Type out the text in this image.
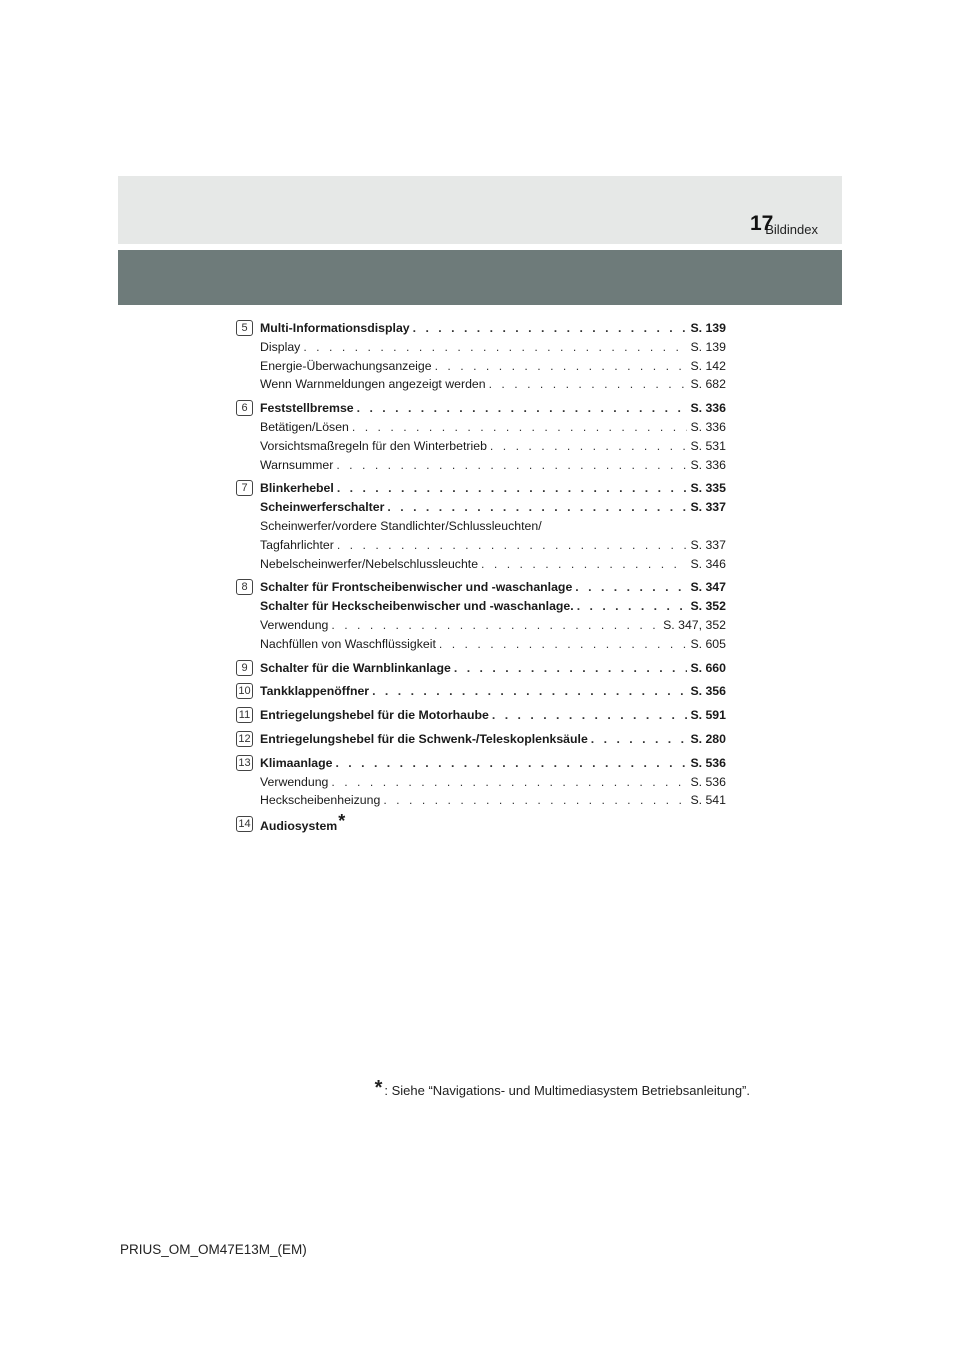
Bildindex
17
5	Multi-Informationsdisplay . . .	S. 139
Display . . .	S. 139
Energie-Überwachungsanzeige . . .	S. 142
Wenn Warnmeldungen angezeigt werden . . .	S. 682
6	Feststellbremse . . .	S. 336
Betätigen/Lösen . . .	S. 336
Vorsichtsmaßregeln für den Winterbetrieb . . .	S. 531
Warnsummer . . .	S. 336
7	Blinkerhebel . . .	S. 335
Scheinwerferschalter . . .	S. 337
Scheinwerfer/vordere Standlichter/Schlussleuchten/
Tagfahrlichter . . .	S. 337
Nebelscheinwerfer/Nebelschlussleuchte . . .	S. 346
8	Schalter für Frontscheibenwischer und -waschanlage . . .	S. 347
Schalter für Heckscheibenwischer und -waschanlage. . . .	S. 352
Verwendung . . .	S. 347, 352
Nachfüllen von Waschflüssigkeit . . .	S. 605
9	Schalter für die Warnblinkanlage . . .	S. 660
10 Tankklappenöffner . . .	S. 356
11 Entriegelungshebel für die Motorhaube . . .	S. 591
12 Entriegelungshebel für die Schwenk-/Teleskoplenksäule . . .	S. 280
13 Klimaanlage . . .	S. 536
Verwendung . . .	S. 536
Heckscheibenheizung . . .	S. 541
14 Audiosystem *
* : Siehe “Navigations- und Multimediasystem Betriebsanleitung”.
PRIUS_OM_OM47E13M_(EM)
